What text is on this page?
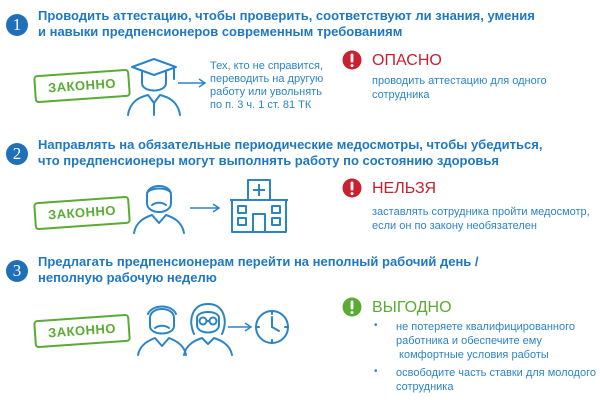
1	Проводить аттестацию, чтобы проверить, соответствуют ли знания, умения
и навыки предпенсионеров современным требованиям
ЗАКОННО
Тех, кто не справится,
переводить на другую
работу или увольнять
по п. 3 ч. 1 ст. 81 ТК
ОПАСНО
проводить аттестацию для одного
сотрудника
2	Направлять на обязательные периодические медосмотры, чтобы убедиться,
что предпенсионеры могут выполнять работу по состоянию здоровья
ЗАКОННО
НЕЛЬЗЯ
заставлять сотрудника пройти медосмотр,
если он по закону необязателен
3	Предлагать предпенсионерам перейти на неполный рабочий день /
неполную рабочую неделю
ЗАКОННО
ВЫГОДНО
• не потеряете квалифицированного
работника и обеспечите ему
комфортные условия работы
• освободите часть ставки для молодого
сотрудника
